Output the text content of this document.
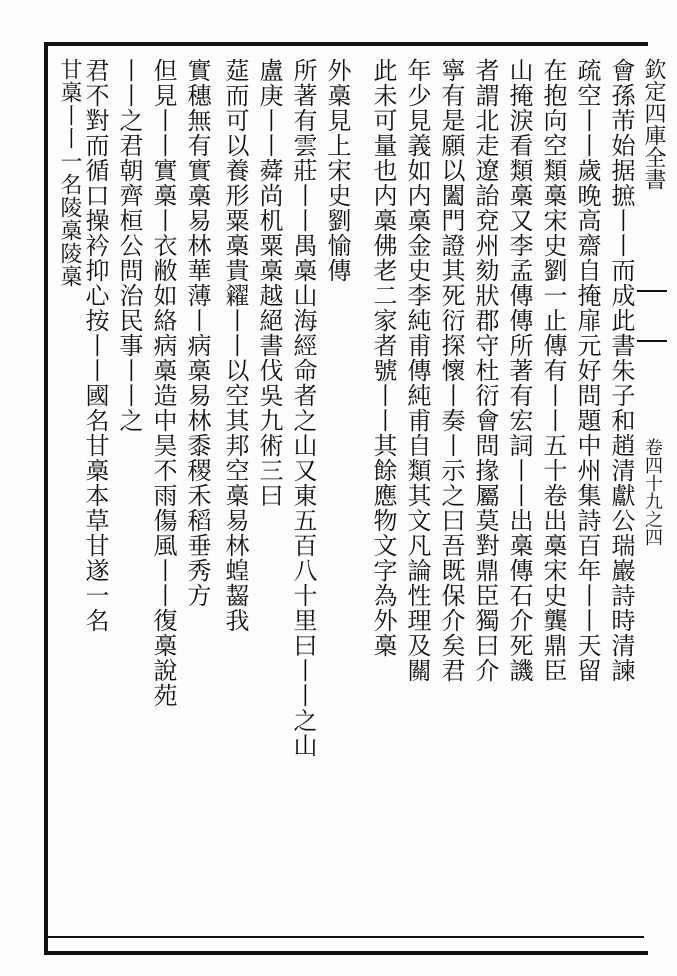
欽定四庫全書
卷四十九之四
會孫芾始据摭丨丨而成此書朱子和趙清獻公瑞巖詩時清諫
疏空丨丨歲晚高齋自掩扉元好問題中州集詩百年丨丨天留
在抱向空類槀宋史劉一止傳有丨丨五十卷出槀宋史龔鼎臣
山掩淚看類槀又李孟傳傳所著有宏詞丨丨出槀傳石介死譏
者謂北走遼詒兗州劾狀郡守杜衍會問掾屬莫對鼎臣獨曰介
寧有是願以闔門證其死衍探懷丨奏丨示之曰吾既保介矣君
年少見義如内槀金史李純甫傳純甫自類其文凡論性理及關
此未可量也内槀佛老二家者號丨丨其餘應物文字為外槀
外槀見上宋史劉愉傳
所著有雲莊丨丨禺槀山海經命者之山又東五百八十里曰丨丨之山
盧庚丨丨蕣尚机粟槀越絕書伐吳九術三曰
莚而可以養形粟槀貴糴丨丨以空其邦空槀易林蝗齧我
實穗無有實槀易林華薄丨病槀易林黍稷禾稻垂秀方
但見丨丨實槀丨衣敝如絡病槀造中昊不雨傷風丨丨復槀說苑
丨丨之君朝齊桓公問治民事丨丨之
君不對而循口操衿抑心按丨丨國名甘槀本草甘遂一名
甘槀丨丨一名陵槀陵槀
